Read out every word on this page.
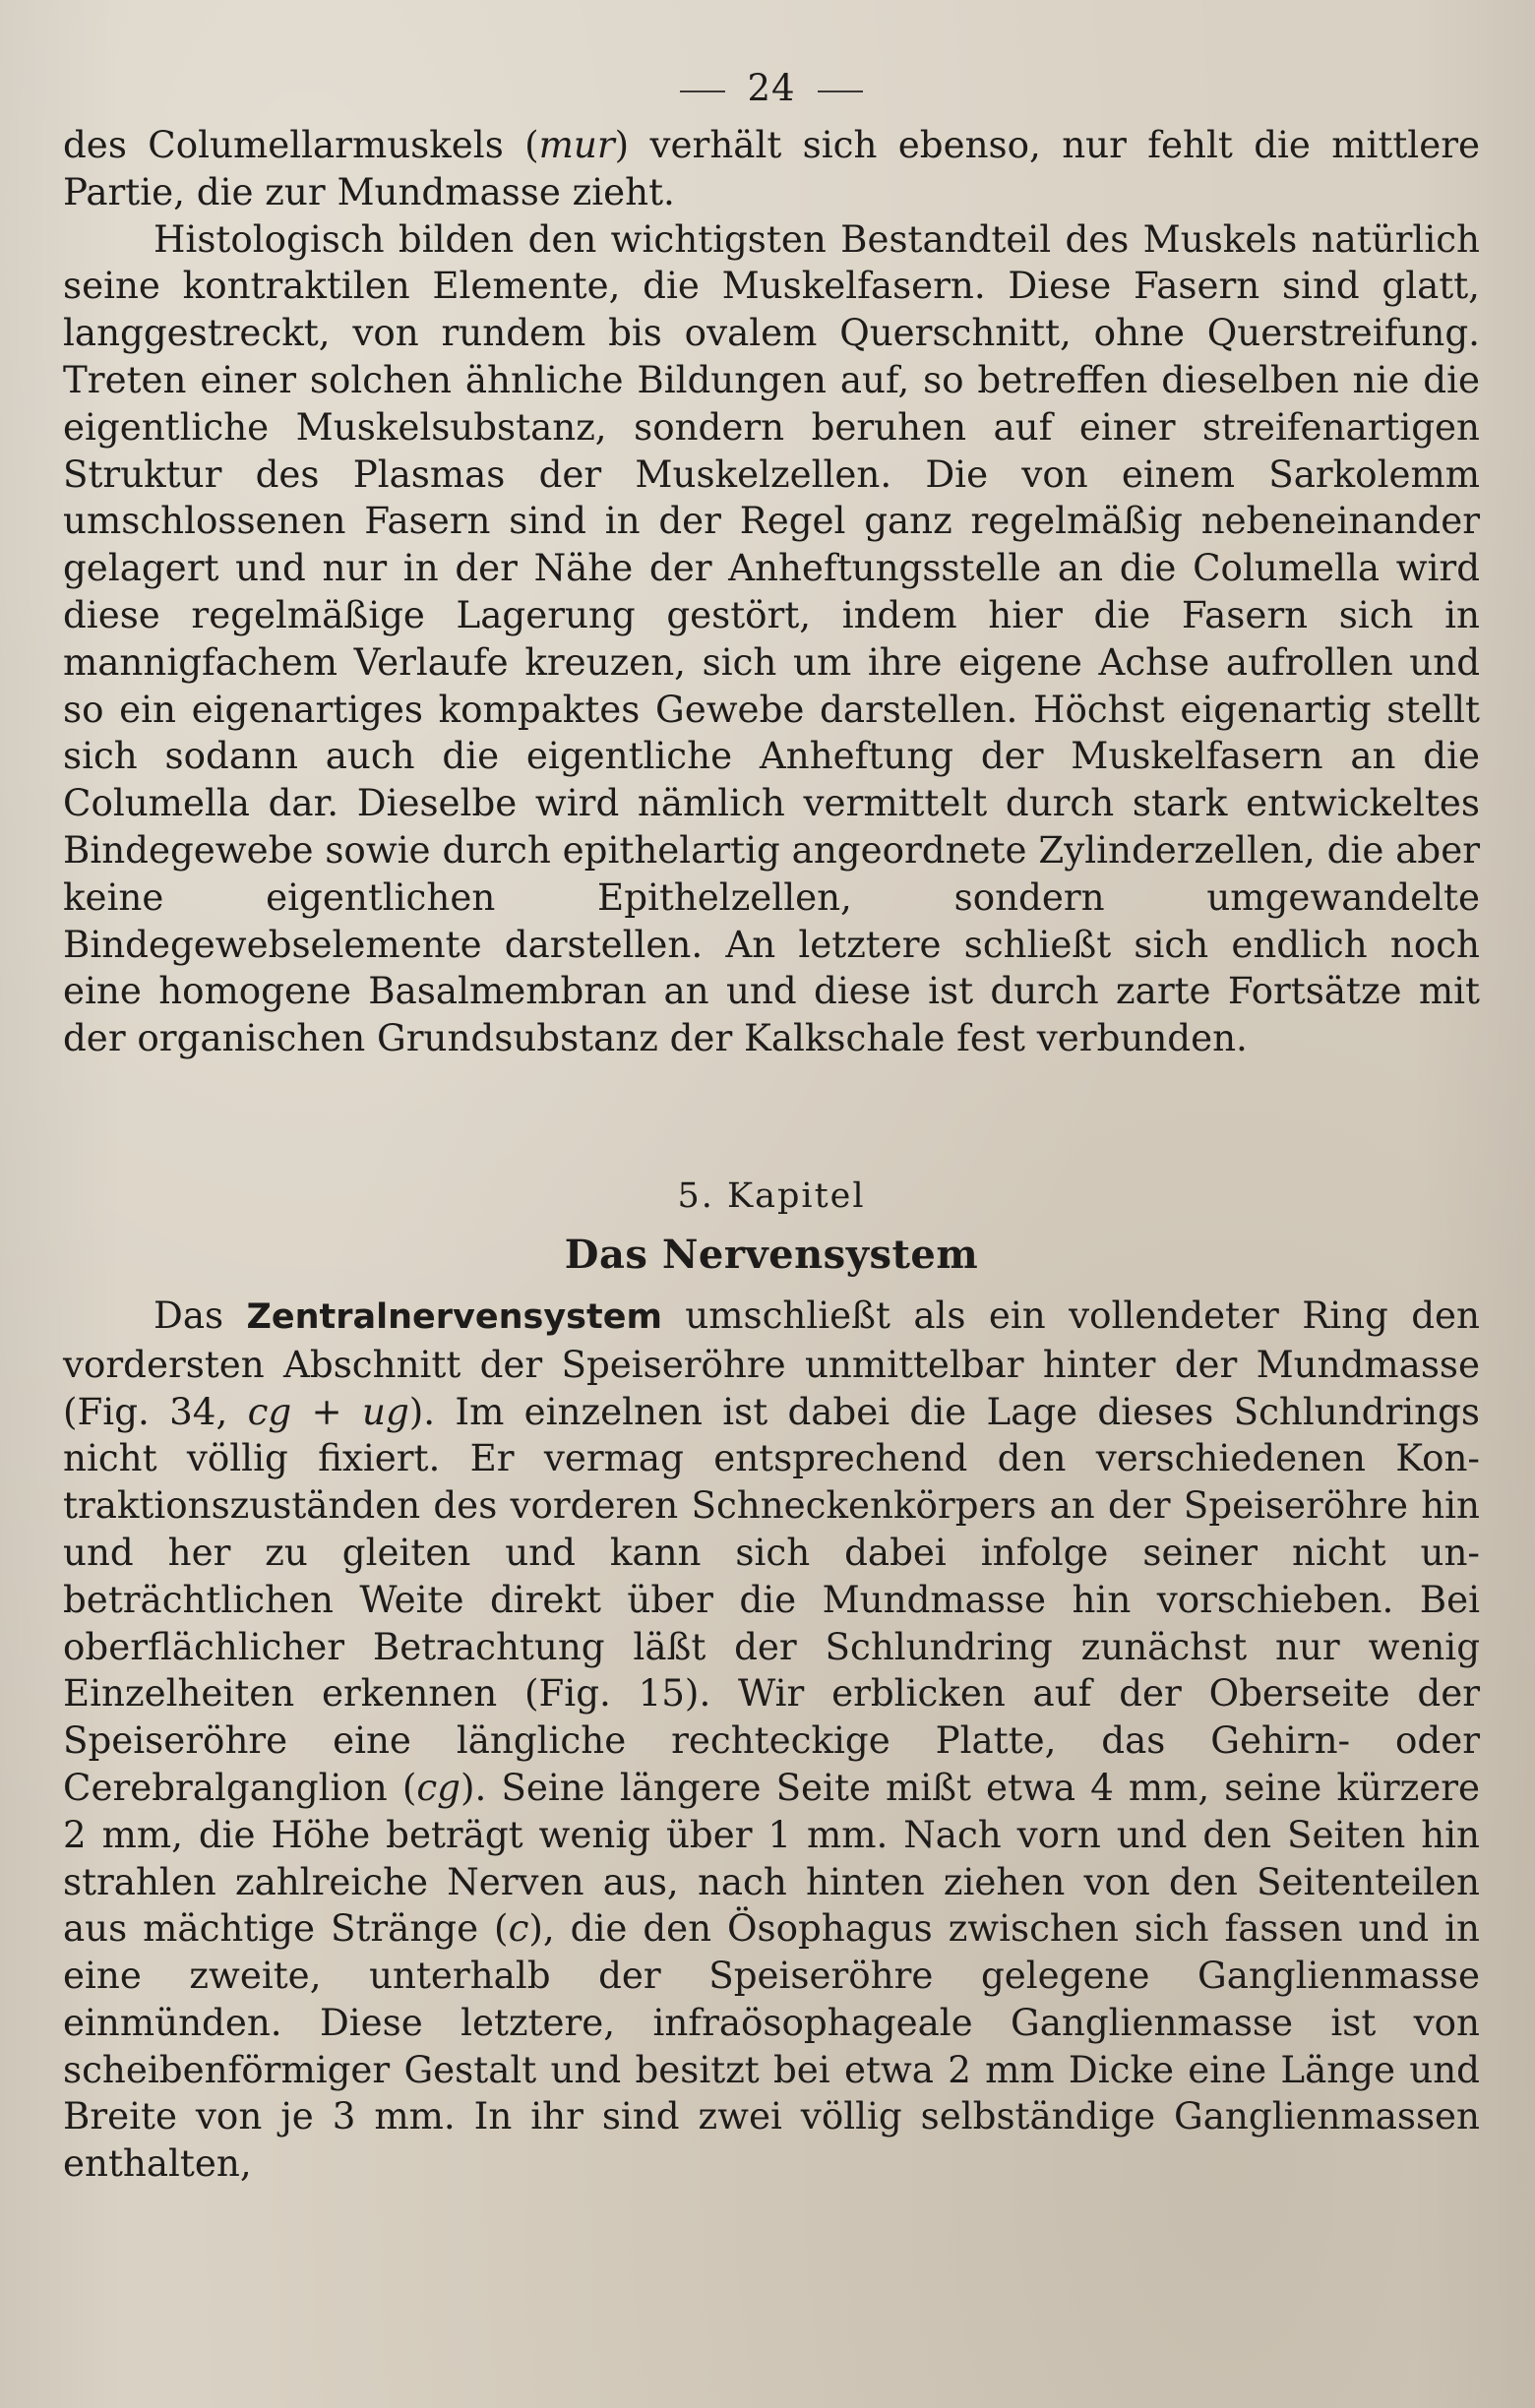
24

des Columellarmuskels (mur) verhält sich ebenso, nur fehlt die mittlere Partie, die zur Mundmasse zieht.

Histologisch bilden den wichtigsten Bestandteil des Muskels natürlich seine kontraktilen Elemente, die Muskelfasern. Diese Fasern sind glatt, langgestreckt, von rundem bis ovalem Querschnitt, ohne Querstreifung. Treten einer solchen ähnliche Bildungen auf, so betreffen dieselben nie die eigentliche Muskelsubstanz, sondern beruhen auf einer streifenartigen Struktur des Plasmas der Muskelzellen. Die von einem Sarkolemm umschlossenen Fasern sind in der Regel ganz regelmäßig nebeneinander gelagert und nur in der Nähe der Anheftungsstelle an die Columella wird diese regelmäßige Lagerung gestört, indem hier die Fasern sich in mannigfachem Verlaufe kreuzen, sich um ihre eigene Achse aufrollen und so ein eigenartiges kompaktes Gewebe darstellen. Höchst eigenartig stellt sich sodann auch die eigentliche Anheftung der Muskelfasern an die Columella dar. Dieselbe wird nämlich vermittelt durch stark entwickeltes Bindegewebe sowie durch epithelartig angeordnete Zylinderzellen, die aber keine eigentlichen Epithelzellen, sondern umgewandelte Bindegewebselemente darstellen. An letztere schließt sich endlich noch eine homogene Basalmembran an und diese ist durch zarte Fortsätze mit der organischen Grundsubstanz der Kalkschale fest verbunden.

5. Kapitel
Das Nervensystem

Das Zentralnervensystem umschließt als ein vollendeter Ring den vordersten Abschnitt der Speiseröhre unmittelbar hinter der Mundmasse (Fig. 34, cg + ug). Im einzelnen ist dabei die Lage dieses Schlundrings nicht völlig fixiert. Er vermag entsprechend den verschiedenen Kontraktionszuständen des vorderen Schneckenkörpers an der Speiseröhre hin und her zu gleiten und kann sich dabei infolge seiner nicht unbeträchtlichen Weite direkt über die Mundmasse hin vorschieben. Bei oberflächlicher Betrachtung läßt der Schlundring zunächst nur wenig Einzelheiten erkennen (Fig. 15). Wir erblicken auf der Oberseite der Speiseröhre eine längliche rechteckige Platte, das Gehirn- oder Cerebralganglion (cg). Seine längere Seite mißt etwa 4 mm, seine kürzere 2 mm, die Höhe beträgt wenig über 1 mm. Nach vorn und den Seiten hin strahlen zahlreiche Nerven aus, nach hinten ziehen von den Seitenteilen aus mächtige Stränge (c), die den Ösophagus zwischen sich fassen und in eine zweite, unterhalb der Speiseröhre gelegene Ganglienmasse einmünden. Diese letztere, infraösophageale Ganglienmasse ist von scheibenförmiger Gestalt und besitzt bei etwa 2 mm Dicke eine Länge und Breite von je 3 mm. In ihr sind zwei völlig selbständige Ganglienmassen enthalten,
